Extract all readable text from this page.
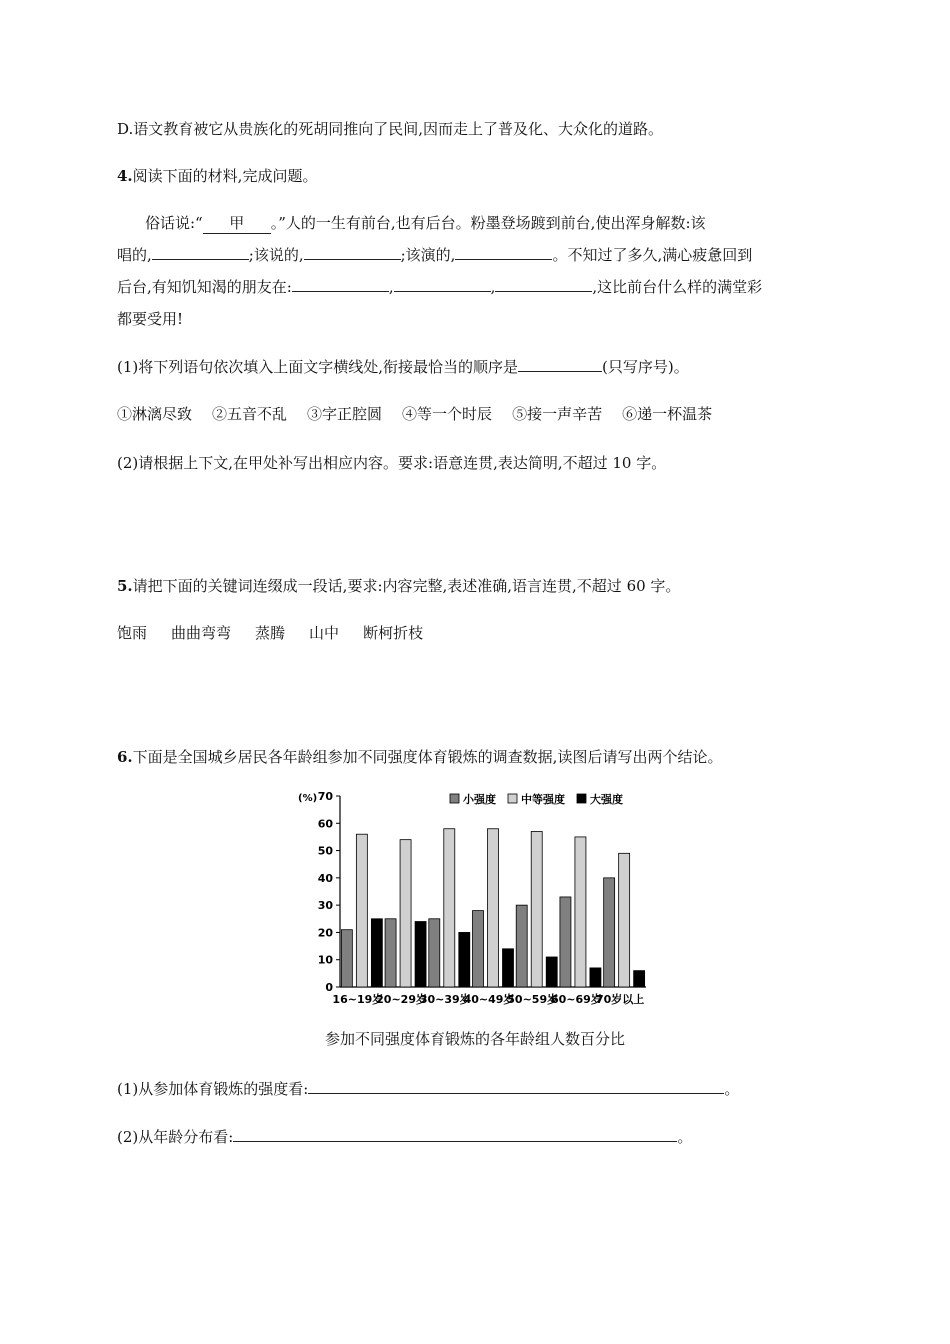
D.语文教育被它从贵族化的死胡同推向了民间,因而走上了普及化、大众化的道路。
4.阅读下面的材料,完成问题。
俗话说:“ 甲 。”人的一生有前台,也有后台。粉墨登场踱到前台,使出浑身解数:该
唱的,	;该说的,	;该演的,	。不知过了多久,满心疲惫回到
后台,有知饥知渴的朋友在:	,	,	,这比前台什么样的满堂彩
都要受用!
(1)将下列语句依次填入上面文字横线处,衔接最恰当的顺序是	(只写序号)。
①淋漓尽致 ②五音不乱 ③字正腔圆 ④等一个时辰 ⑤接一声辛苦 ⑥递一杯温茶
(2)请根据上下文,在甲处补写出相应内容。要求:语意连贯,表达简明,不超过 10 字。
5.请把下面的关键词连缀成一段话,要求:内容完整,表述准确,语言连贯,不超过 60 字。
饱雨 曲曲弯弯 蒸腾 山中 断柯折枝
6.下面是全国城乡居民各年龄组参加不同强度体育锻炼的调查数据,读图后请写出两个结论。
0
10
20
30
40
50
60
70
(%)
16~19岁
20~29岁
30~39岁
40~49岁
50~59岁
60~69岁
70岁以上
小强度 中等强度 大强度
参加不同强度体育锻炼的各年龄组人数百分比
(1)从参加体育锻炼的强度看:	。
(2)从年龄分布看:	。
